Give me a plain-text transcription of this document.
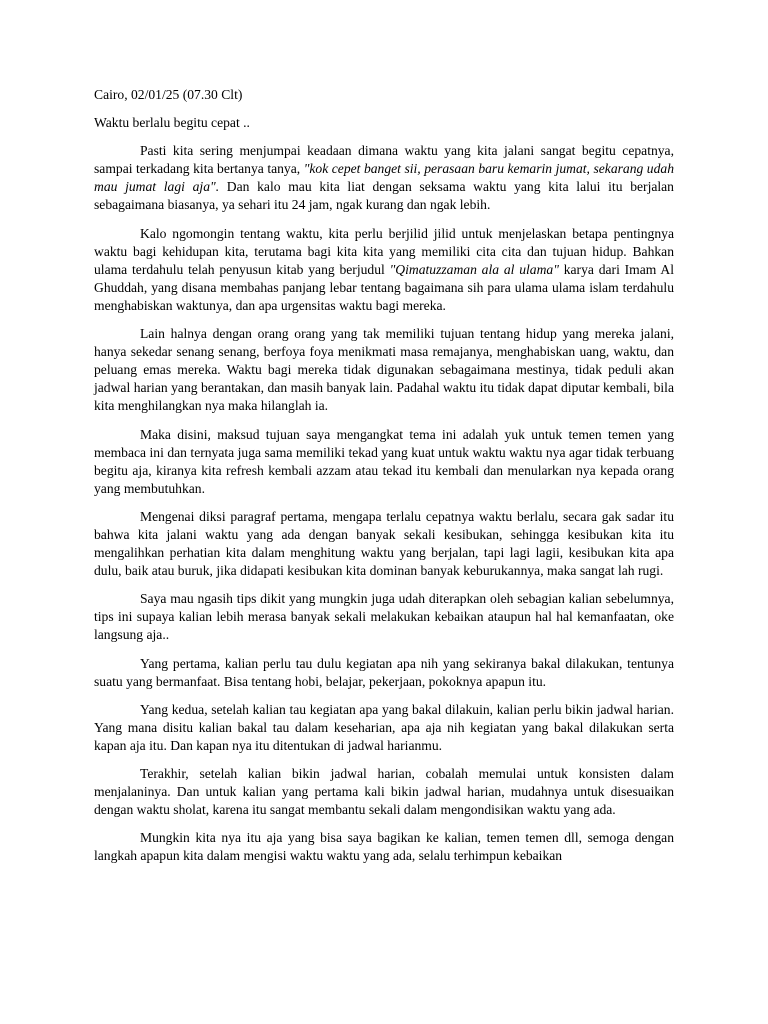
Cairo, 02/01/25 (07.30 Clt)

Waktu berlalu begitu cepat ..

Pasti kita sering menjumpai keadaan dimana waktu yang kita jalani sangat begitu cepatnya, sampai terkadang kita bertanya tanya, "kok cepet banget sii, perasaan baru kemarin jumat, sekarang udah mau jumat lagi aja". Dan kalo mau kita liat dengan seksama waktu yang kita lalui itu berjalan sebagaimana biasanya, ya sehari itu 24 jam, ngak kurang dan ngak lebih.

Kalo ngomongin tentang waktu, kita perlu berjilid jilid untuk menjelaskan betapa pentingnya waktu bagi kehidupan kita, terutama bagi kita kita yang memiliki cita cita dan tujuan hidup. Bahkan ulama terdahulu telah penyusun kitab yang berjudul "Qimatuzzaman ala al ulama" karya dari Imam Al Ghuddah, yang disana membahas panjang lebar tentang bagaimana sih para ulama ulama islam terdahulu menghabiskan waktunya, dan apa urgensitas waktu bagi mereka.

Lain halnya dengan orang orang yang tak memiliki tujuan tentang hidup yang mereka jalani, hanya sekedar senang senang, berfoya foya menikmati masa remajanya, menghabiskan uang, waktu, dan peluang emas mereka. Waktu bagi mereka tidak digunakan sebagaimana mestinya, tidak peduli akan jadwal harian yang berantakan, dan masih banyak lain. Padahal waktu itu tidak dapat diputar kembali, bila kita menghilangkan nya maka hilanglah ia.

Maka disini, maksud tujuan saya mengangkat tema ini adalah yuk untuk temen temen yang membaca ini dan ternyata juga sama memiliki tekad yang kuat untuk waktu waktu nya agar tidak terbuang begitu aja, kiranya kita refresh kembali azzam atau tekad itu kembali dan menularkan nya kepada orang yang membutuhkan.

Mengenai diksi paragraf pertama, mengapa terlalu cepatnya waktu berlalu, secara gak sadar itu bahwa kita jalani waktu yang ada dengan banyak sekali kesibukan, sehingga kesibukan kita itu mengalihkan perhatian kita dalam menghitung waktu yang berjalan, tapi lagi lagii, kesibukan kita apa dulu, baik atau buruk, jika didapati kesibukan kita dominan banyak keburukannya, maka sangat lah rugi.

Saya mau ngasih tips dikit yang mungkin juga udah diterapkan oleh sebagian kalian sebelumnya, tips ini supaya kalian lebih merasa banyak sekali melakukan kebaikan ataupun hal hal kemanfaatan, oke langsung aja..

Yang pertama, kalian perlu tau dulu kegiatan apa nih yang sekiranya bakal dilakukan, tentunya suatu yang bermanfaat. Bisa tentang hobi, belajar, pekerjaan, pokoknya apapun itu.

Yang kedua, setelah kalian tau kegiatan apa yang bakal dilakuin, kalian perlu bikin jadwal harian. Yang mana disitu kalian bakal tau dalam keseharian, apa aja nih kegiatan yang bakal dilakukan serta kapan aja itu. Dan kapan nya itu ditentukan di jadwal harianmu.

Terakhir, setelah kalian bikin jadwal harian, cobalah memulai untuk konsisten dalam menjalaninya. Dan untuk kalian yang pertama kali bikin jadwal harian, mudahnya untuk disesuaikan dengan waktu sholat, karena itu sangat membantu sekali dalam mengondisikan waktu yang ada.

Mungkin kita nya itu aja yang bisa saya bagikan ke kalian, temen temen dll, semoga dengan langkah apapun kita dalam mengisi waktu waktu yang ada, selalu terhimpun kebaikan
